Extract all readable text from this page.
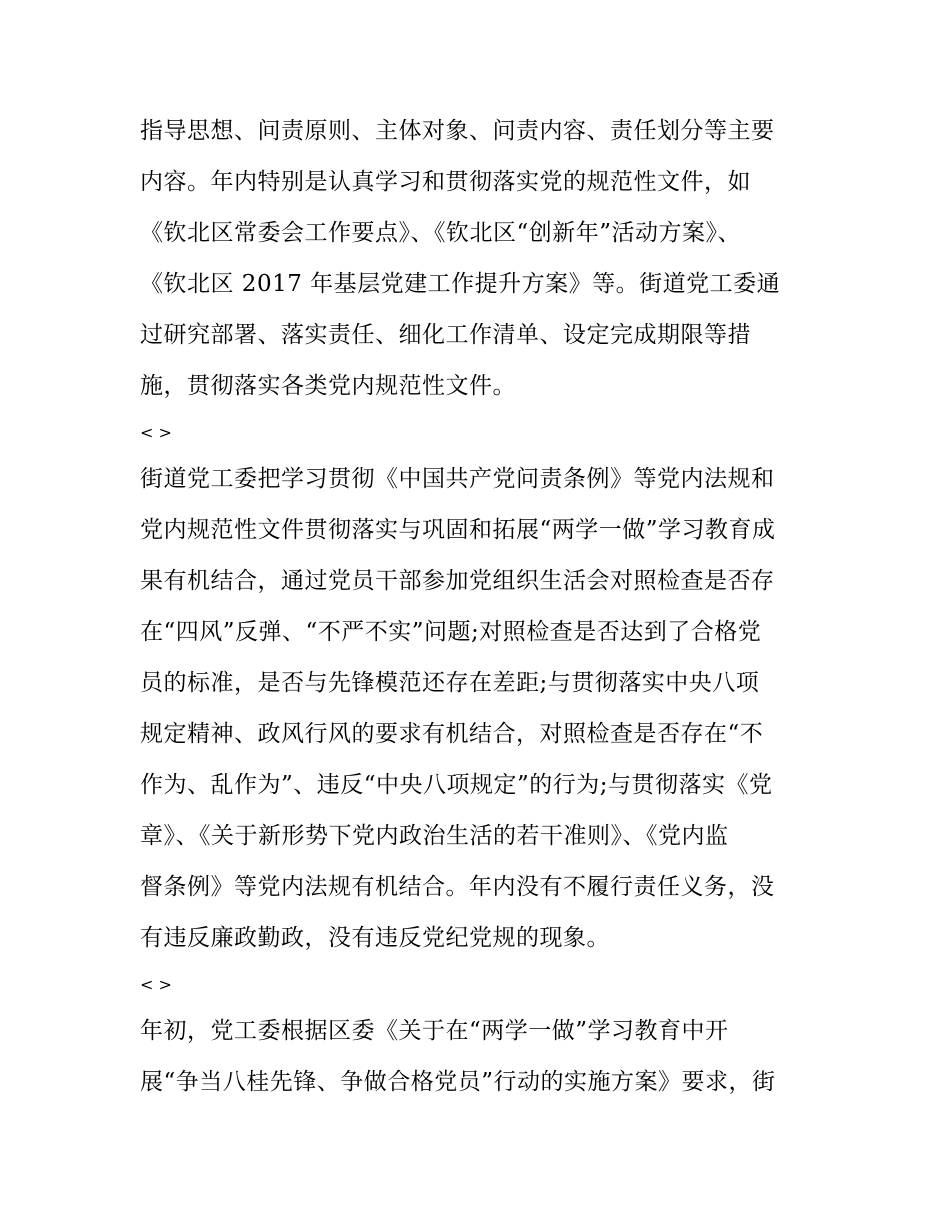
指导思想、问责原则、主体对象、问责内容、责任划分等主要
内容。年内特别是认真学习和贯彻落实党的规范性文件，如
《钦北区常委会工作要点》、《钦北区“创新年”活动方案》、
《钦北区 2017 年基层党建工作提升方案》等。街道党工委通
过研究部署、落实责任、细化工作清单、设定完成期限等措
施，贯彻落实各类党内规范性文件。
< >
街道党工委把学习贯彻《中国共产党问责条例》等党内法规和
党内规范性文件贯彻落实与巩固和拓展“两学一做”学习教育成
果有机结合，通过党员干部参加党组织生活会对照检查是否存
在“四风”反弹、“不严不实”问题;对照检查是否达到了合格党
员的标准，是否与先锋模范还存在差距;与贯彻落实中央八项
规定精神、政风行风的要求有机结合，对照检查是否存在“不
作为、乱作为”、违反“中央八项规定”的行为;与贯彻落实《党
章》、《关于新形势下党内政治生活的若干准则》、《党内监
督条例》等党内法规有机结合。年内没有不履行责任义务，没
有违反廉政勤政，没有违反党纪党规的现象。
< >
年初，党工委根据区委《关于在“两学一做”学习教育中开
展“争当八桂先锋、争做合格党员”行动的实施方案》要求，街
